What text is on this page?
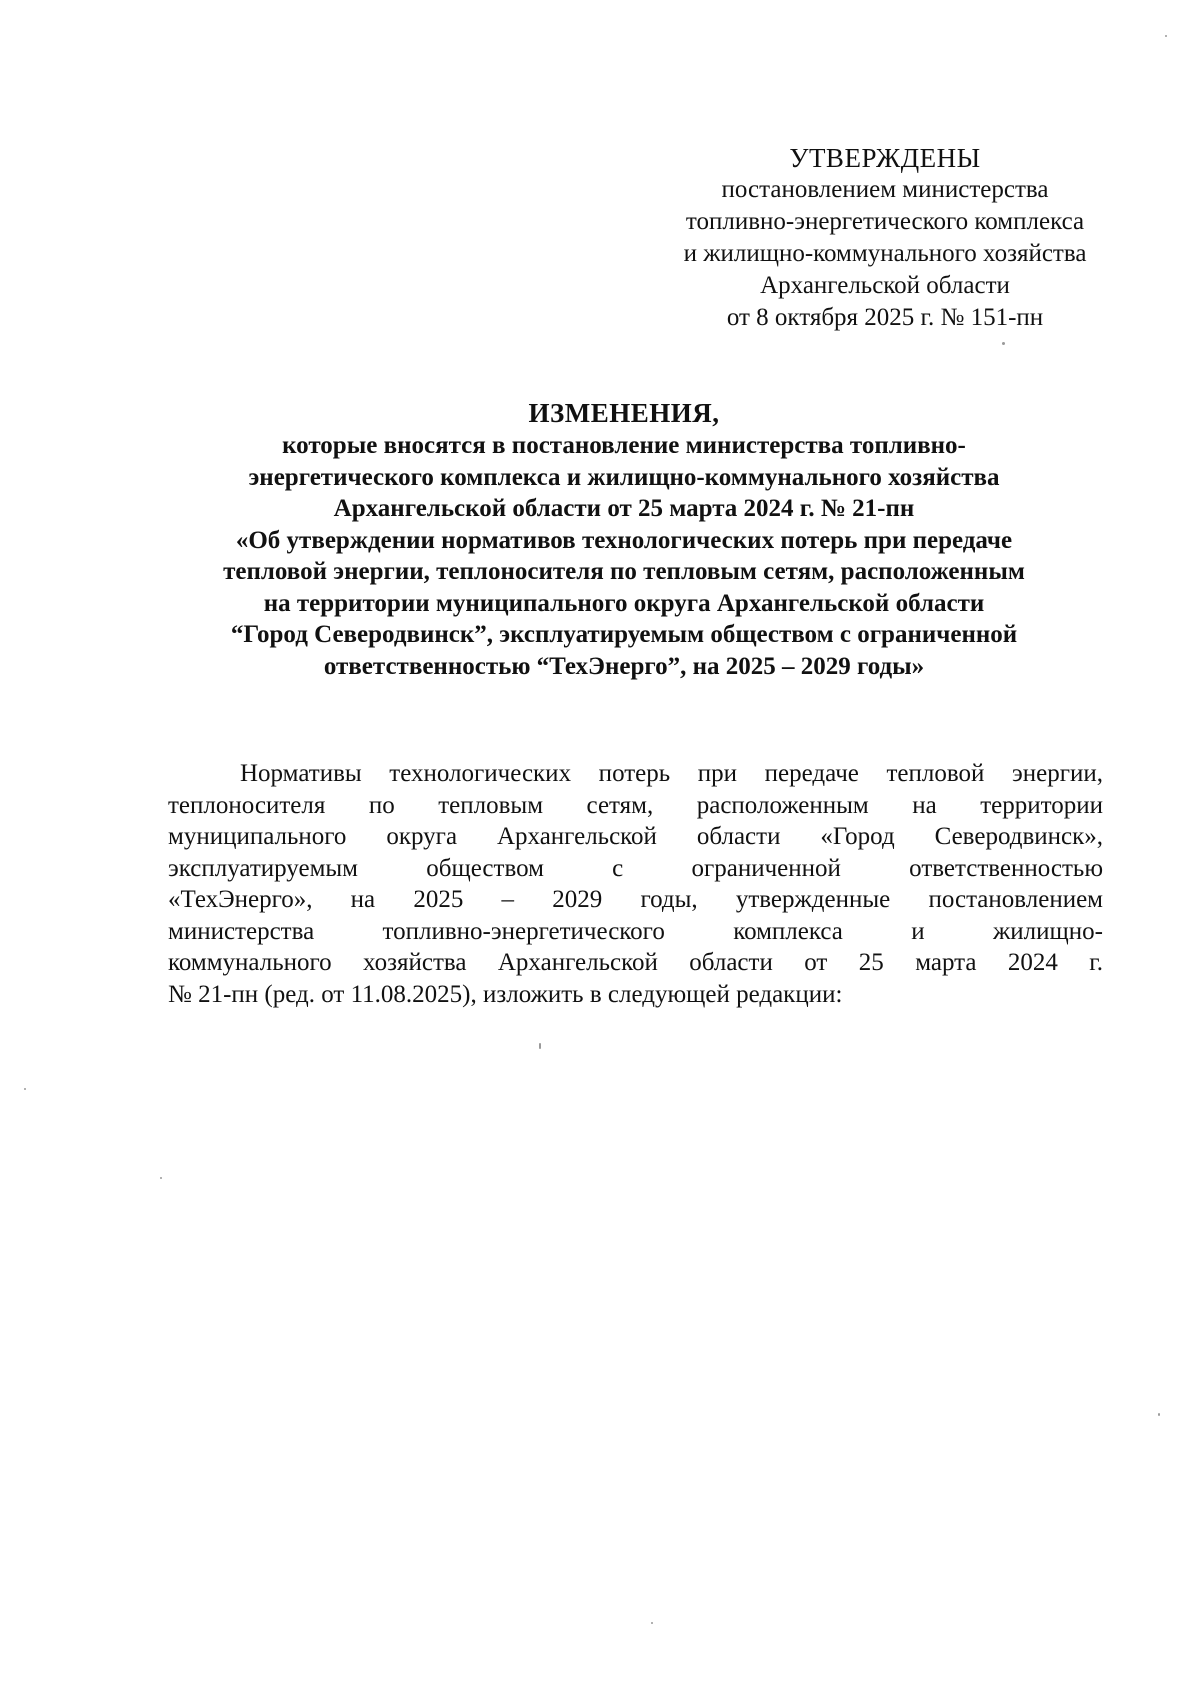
УТВЕРЖДЕНЫ
постановлением министерства
топливно-энергетического комплекса
и жилищно-коммунального хозяйства
Архангельской области
от 8 октября 2025 г. № 151-пн
ИЗМЕНЕНИЯ,
которые вносятся в постановление министерства топливно-
энергетического комплекса и жилищно-коммунального хозяйства
Архангельской области от 25 марта 2024 г. № 21-пн
«Об утверждении нормативов технологических потерь при передаче
тепловой энергии, теплоносителя по тепловым сетям, расположенным
на территории муниципального округа Архангельской области
“Город Северодвинск”, эксплуатируемым обществом с ограниченной
ответственностью “ТехЭнерго”, на 2025 – 2029 годы»
Нормативы технологических потерь при передаче тепловой энергии,
теплоносителя по тепловым сетям, расположенным на территории
муниципального округа Архангельской области «Город Северодвинск»,
эксплуатируемым обществом с ограниченной ответственностью
«ТехЭнерго», на 2025 – 2029 годы, утвержденные постановлением
министерства топливно-энергетического комплекса и жилищно-
коммунального хозяйства Архангельской области от 25 марта 2024 г.
№ 21-пн (ред. от 11.08.2025), изложить в следующей редакции:
